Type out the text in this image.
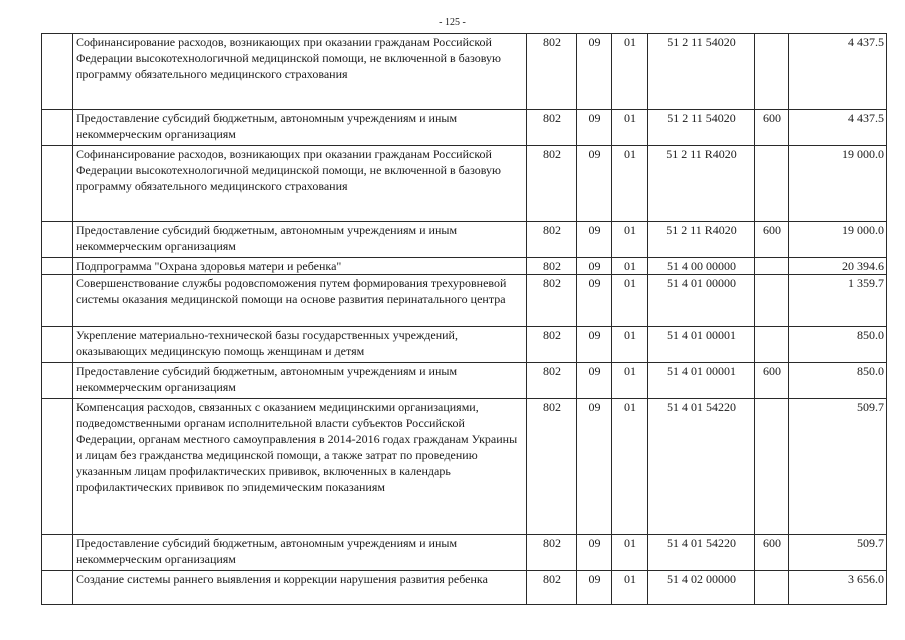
- 125 -
	Софинансирование расходов, возникающих при оказании гражданам Российской Федерации высокотехнологичной медицинской помощи, не включенной в базовую программу обязательного медицинского страхования	802	09	01	51 2 11 54020		4 437.5
	Предоставление субсидий бюджетным, автономным учреждениям и иным некоммерческим организациям	802	09	01	51 2 11 54020	600	4 437.5
	Софинансирование расходов, возникающих при оказании гражданам Российской Федерации высокотехнологичной медицинской помощи, не включенной в базовую программу обязательного медицинского страхования	802	09	01	51 2 11 R4020		19 000.0
	Предоставление субсидий бюджетным, автономным учреждениям и иным некоммерческим организациям	802	09	01	51 2 11 R4020	600	19 000.0
	Подпрограмма "Охрана здоровья матери и ребенка"	802	09	01	51 4 00 00000		20 394.6
	Совершенствование службы родовспоможения путем формирования трехуровневой системы оказания медицинской помощи на основе развития перинатального центра	802	09	01	51 4 01 00000		1 359.7
	Укрепление материально-технической базы государственных учреждений, оказывающих медицинскую помощь женщинам и детям	802	09	01	51 4 01 00001		850.0
	Предоставление субсидий бюджетным, автономным учреждениям и иным некоммерческим организациям	802	09	01	51 4 01 00001	600	850.0
	Компенсация расходов, связанных с оказанием медицинскими организациями, подведомственными органам исполнительной власти субъектов Российской Федерации, органам местного самоуправления в 2014-2016 годах гражданам Украины и лицам без гражданства медицинской помощи, а также затрат по проведению указанным лицам профилактических прививок, включенных в календарь профилактических прививок по эпидемическим показаниям	802	09	01	51 4 01 54220		509.7
	Предоставление субсидий бюджетным, автономным учреждениям и иным некоммерческим организациям	802	09	01	51 4 01 54220	600	509.7
	Создание системы раннего выявления и коррекции нарушения развития ребенка	802	09	01	51 4 02 00000		3 656.0
